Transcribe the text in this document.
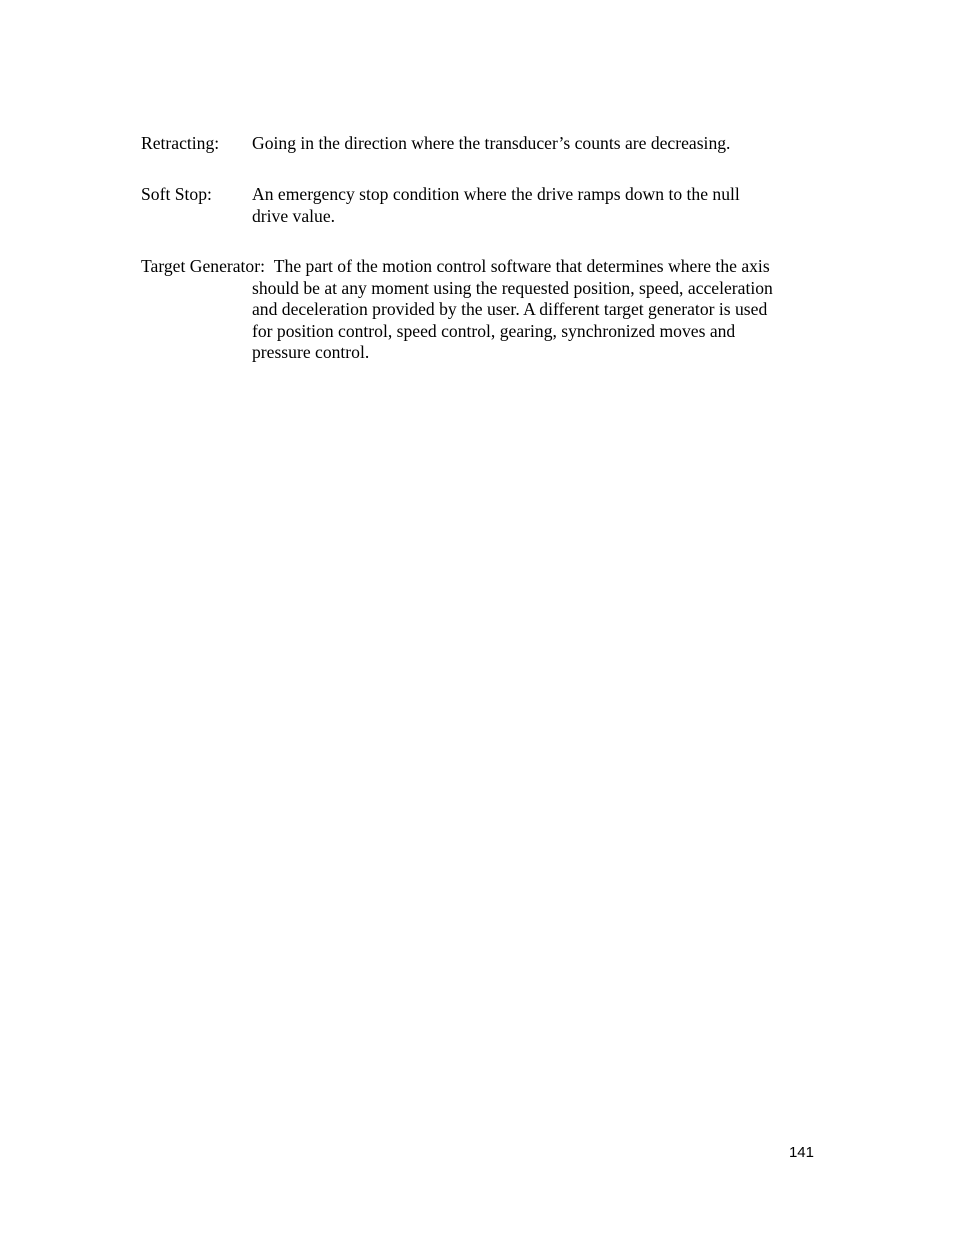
Retracting: Going in the direction where the transducer’s counts are decreasing.
Soft Stop: An emergency stop condition where the drive ramps down to the null
drive value.
Target Generator: The part of the motion control software that determines where the axis
should be at any moment using the requested position, speed, acceleration
and deceleration provided by the user. A different target generator is used
for position control, speed control, gearing, synchronized moves and
pressure control.
141
